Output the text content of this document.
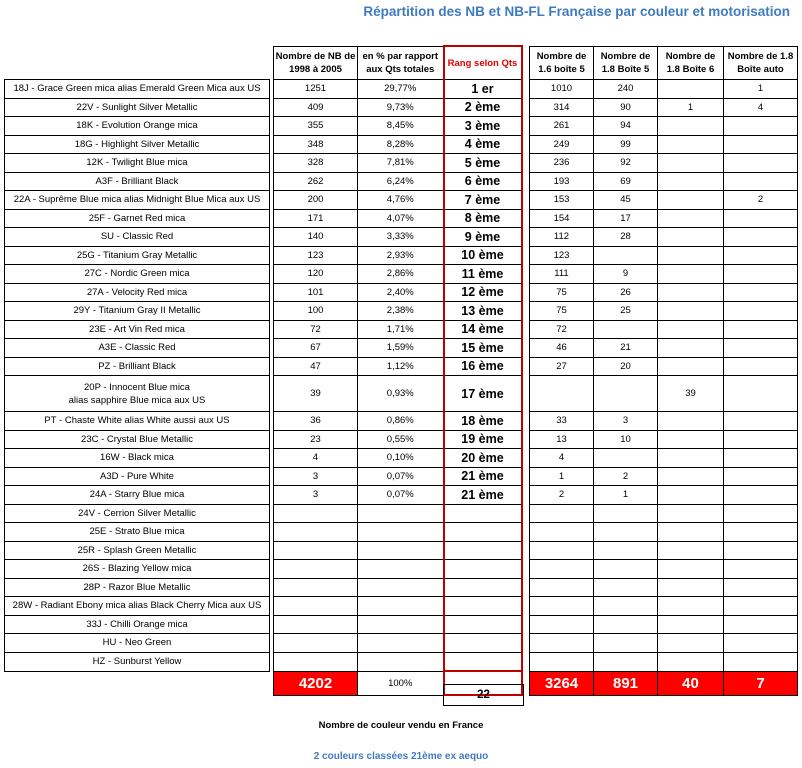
Répartition des NB et NB-FL Française par couleur et motorisation
		Nombre de NB de 1998 à 2005	en % par rapport aux Qts totales	Rang selon Qts		Nombre de 1.6 boîte 5	Nombre de 1.8 Boîte 5	Nombre de 1.8 Boîte 6	Nombre de 1.8 Boîte auto

18J - Grace Green mica alias Emerald Green Mica aux US		1251	29,77%	1 er		1010	240		1

22V - Sunlight Silver Metallic		409	9,73%	2 ème		314	90	1	4

18K - Evolution Orange mica		355	8,45%	3 ème		261	94		

18G - Highlight Silver Metallic		348	8,28%	4 ème		249	99		

12K - Twilight Blue mica		328	7,81%	5 ème		236	92		

A3F - Brilliant Black		262	6,24%	6 ème		193	69		

22A - Suprême Blue mica alias Midnight Blue Mica aux US		200	4,76%	7 ème		153	45		2

25F - Garnet Red mica		171	4,07%	8 ème		154	17		

SU - Classic Red		140	3,33%	9 ème		112	28		

25G - Titanium Gray Metallic		123	2,93%	10 ème		123			

27C - Nordic Green mica		120	2,86%	11 ème		111	9		

27A - Velocity Red mica		101	2,40%	12 ème		75	26		

29Y - Titanium Gray II Metallic		100	2,38%	13 ème		75	25		

23E - Art Vin Red mica		72	1,71%	14 ème		72			

A3E - Classic Red		67	1,59%	15 ème		46	21		

PZ - Brilliant Black		47	1,12%	16 ème		27	20		

20P - Innocent Blue mica
alias sapphire Blue mica aux US		39	0,93%	17 ème				39	

PT - Chaste White alias White aussi aux US		36	0,86%	18 ème		33	3		

23C - Crystal Blue Metallic		23	0,55%	19 ème		13	10		

16W - Black mica		4	0,10%	20 ème		4			

A3D - Pure White		3	0,07%	21 ème		1	2		

24A - Starry Blue mica		3	0,07%	21 ème		2	1		

24V - Cerrion Silver Metallic									

25E - Strato Blue mica									

25R - Splash Green Metallic									

26S - Blazing Yellow mica									

28P - Razor Blue Metallic									

28W - Radiant Ebony mica alias Black Cherry Mica aux US									

33J - Chilli Orange mica									

HU - Neo Green									

HZ - Sunburst Yellow									

		4202	100%			3264	891	40	7
22
Nombre de couleur vendu en France
2 couleurs classées 21ème ex aequo
